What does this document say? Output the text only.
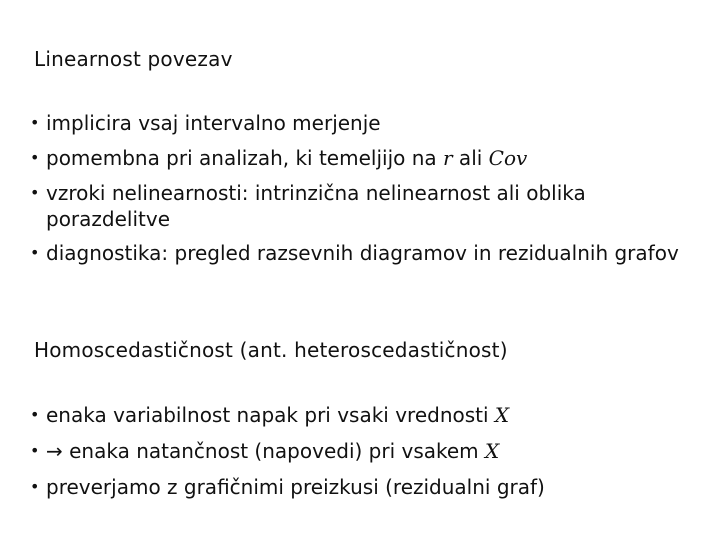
Linearnost povezav
• implicira vsaj intervalno merjenje
• pomembna pri analizah, ki temeljijo na r ali Cov
• vzroki nelinearnosti: intrinzična nelinearnost ali oblika porazdelitve
• diagnostika: pregled razsevnih diagramov in rezidualnih grafov
Homoscedastičnost (ant. heteroscedastičnost)
• enaka variabilnost napak pri vsaki vrednosti X
• → enaka natančnost (napovedi) pri vsakem X
• preverjamo z grafičnimi preizkusi (rezidualni graf)
